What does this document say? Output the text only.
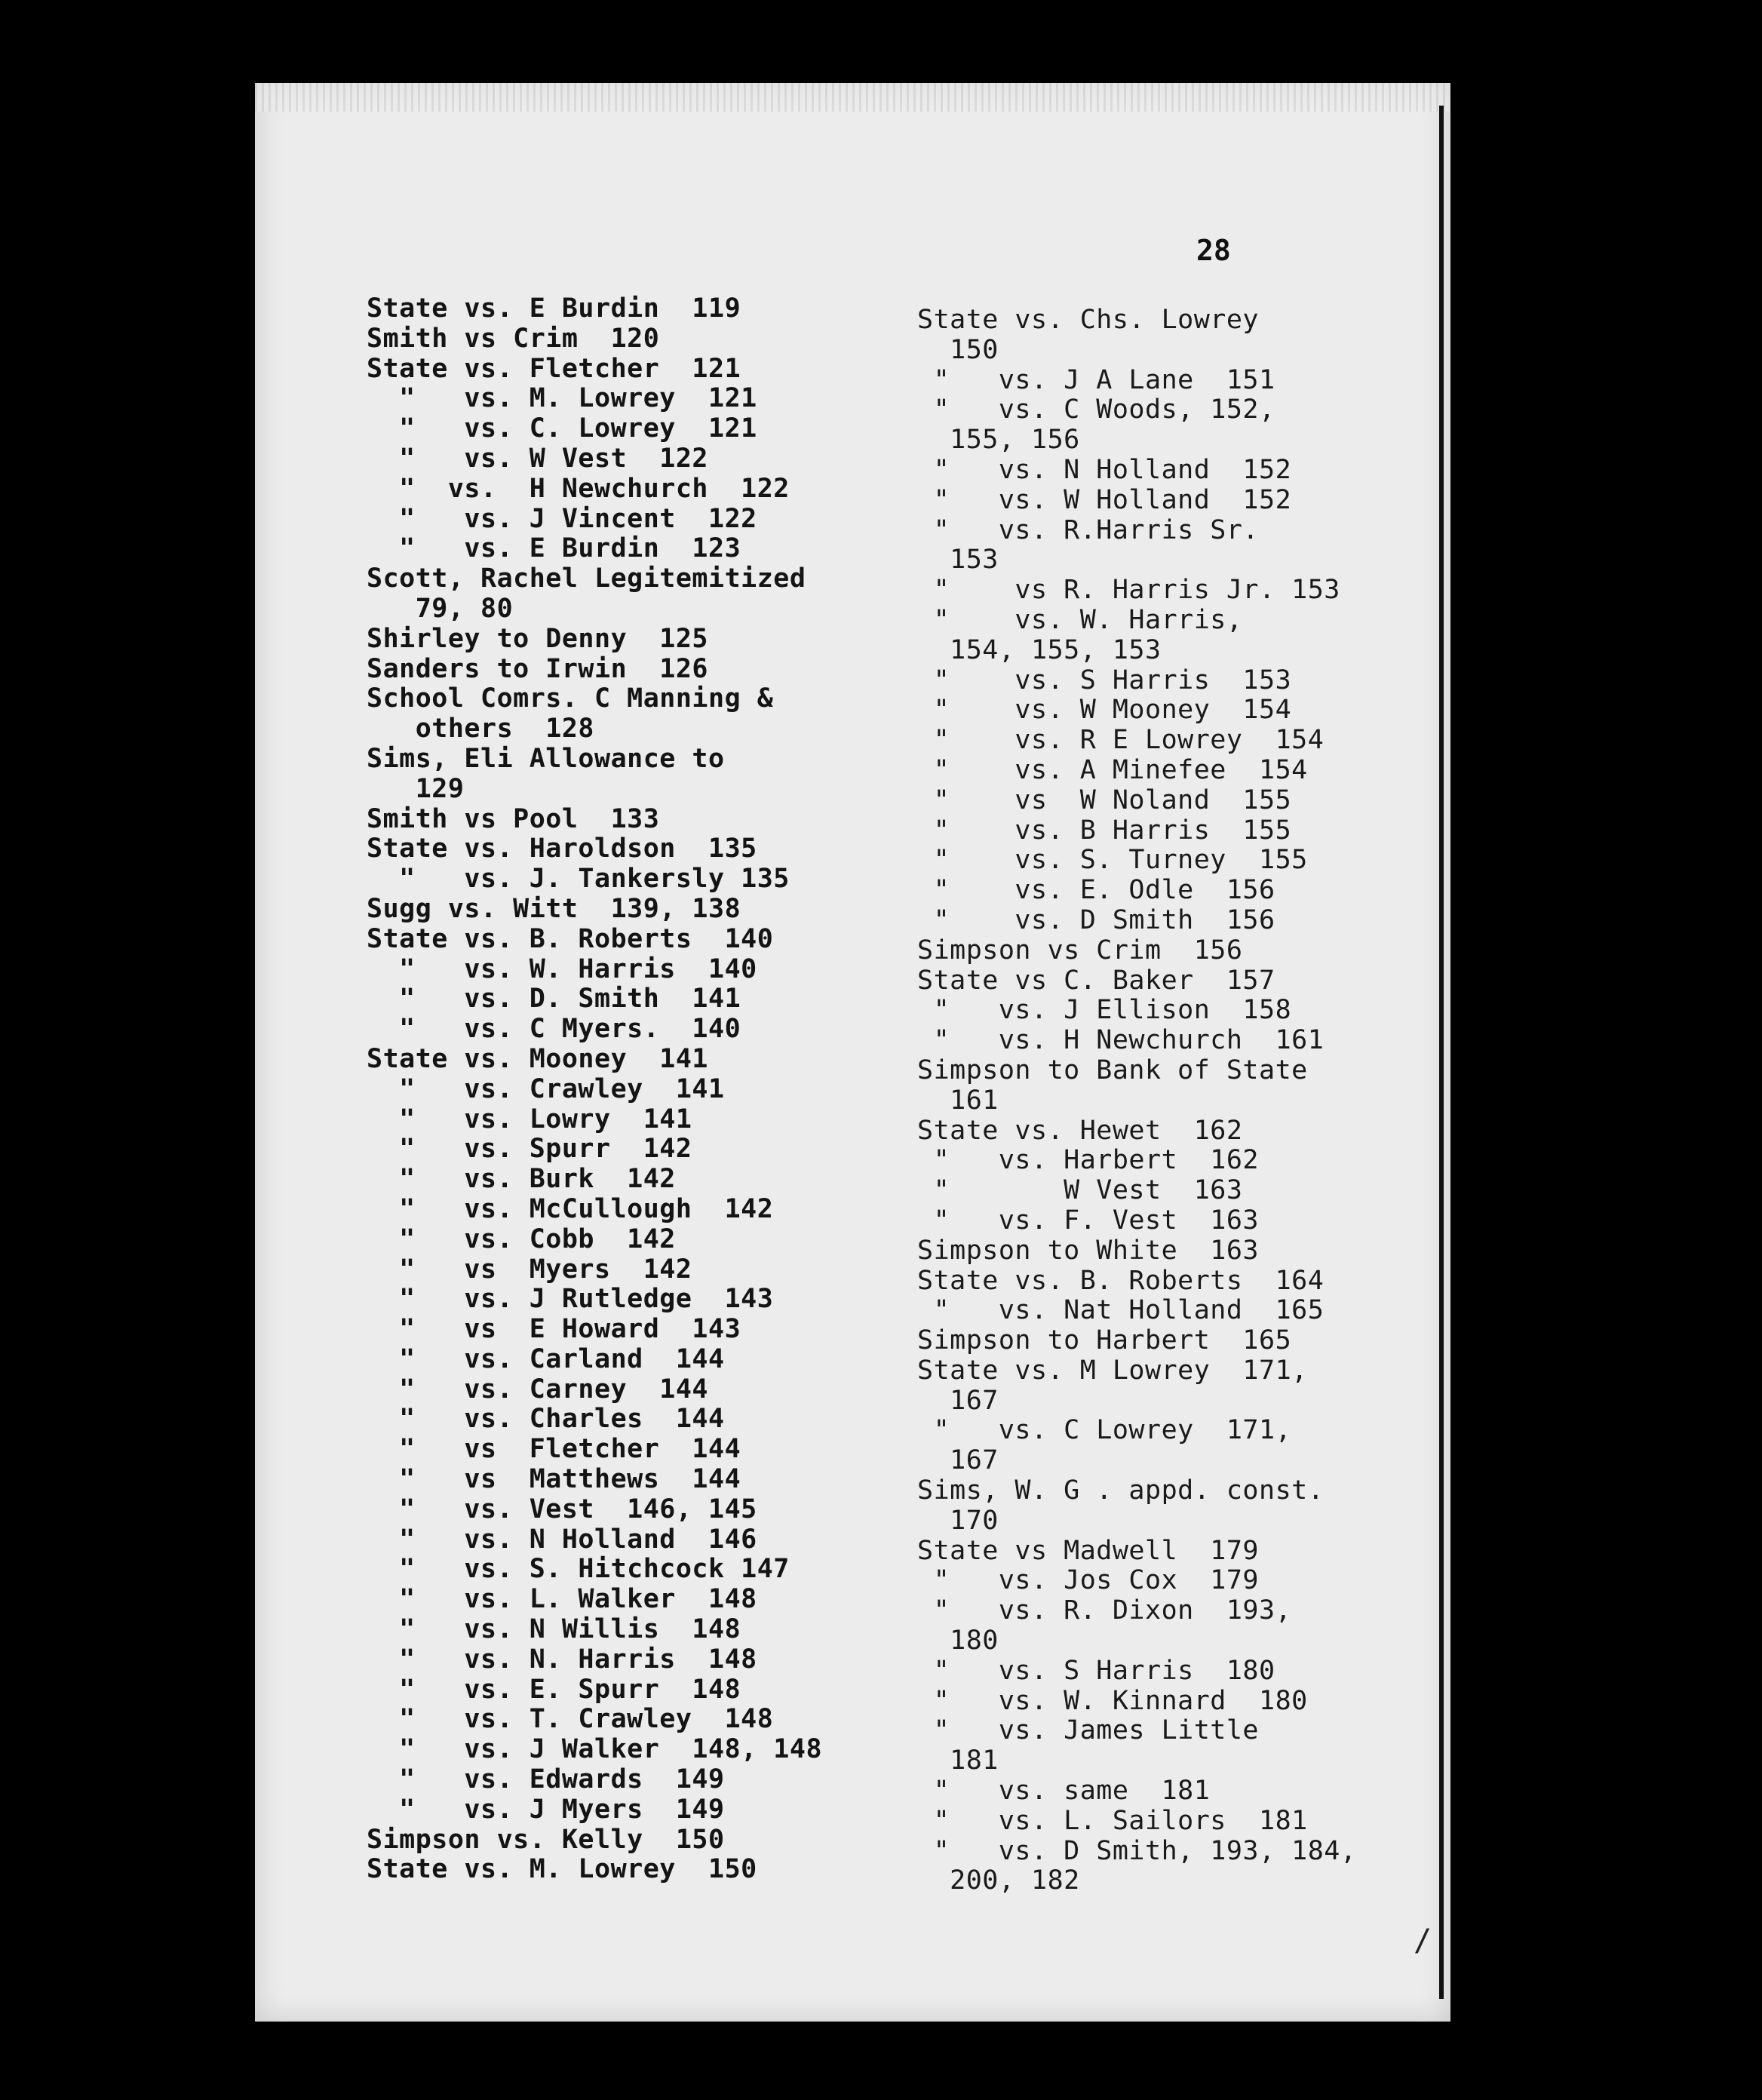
28
State vs. E Burdin  119
Smith vs Crim  120
State vs. Fletcher  121
"   vs. M. Lowrey  121
"   vs. C. Lowrey  121
"   vs. W Vest  122
"  vs.  H Newchurch  122
"   vs. J Vincent  122
"   vs. E Burdin  123
Scott, Rachel Legitemitized
79, 80
Shirley to Denny  125
Sanders to Irwin  126
School Comrs. C Manning &
others  128
Sims, Eli Allowance to
129
Smith vs Pool  133
State vs. Haroldson  135
"   vs. J. Tankersly 135
Sugg vs. Witt  139, 138
State vs. B. Roberts  140
"   vs. W. Harris  140
"   vs. D. Smith  141
"   vs. C Myers.  140
State vs. Mooney  141
"   vs. Crawley  141
"   vs. Lowry  141
"   vs. Spurr  142
"   vs. Burk  142
"   vs. McCullough  142
"   vs. Cobb  142
"   vs  Myers  142
"   vs. J Rutledge  143
"   vs  E Howard  143
"   vs. Carland  144
"   vs. Carney  144
"   vs. Charles  144
"   vs  Fletcher  144
"   vs  Matthews  144
"   vs. Vest  146, 145
"   vs. N Holland  146
"   vs. S. Hitchcock 147
"   vs. L. Walker  148
"   vs. N Willis  148
"   vs. N. Harris  148
"   vs. E. Spurr  148
"   vs. T. Crawley  148
"   vs. J Walker  148, 148
"   vs. Edwards  149
"   vs. J Myers  149
Simpson vs. Kelly  150
State vs. M. Lowrey  150
State vs. Chs. Lowrey
150
"   vs. J A Lane  151
"   vs. C Woods, 152,
155, 156
"   vs. N Holland  152
"   vs. W Holland  152
"   vs. R.Harris Sr.
153
"    vs R. Harris Jr. 153
"    vs. W. Harris,
154, 155, 153
"    vs. S Harris  153
"    vs. W Mooney  154
"    vs. R E Lowrey  154
"    vs. A Minefee  154
"    vs  W Noland  155
"    vs. B Harris  155
"    vs. S. Turney  155
"    vs. E. Odle  156
"    vs. D Smith  156
Simpson vs Crim  156
State vs C. Baker  157
"   vs. J Ellison  158
"   vs. H Newchurch  161
Simpson to Bank of State
161
State vs. Hewet  162
"   vs. Harbert  162
"       W Vest  163
"   vs. F. Vest  163
Simpson to White  163
State vs. B. Roberts  164
"   vs. Nat Holland  165
Simpson to Harbert  165
State vs. M Lowrey  171,
167
"   vs. C Lowrey  171,
167
Sims, W. G . appd. const.
170
State vs Madwell  179
"   vs. Jos Cox  179
"   vs. R. Dixon  193,
180
"   vs. S Harris  180
"   vs. W. Kinnard  180
"   vs. James Little
181
"   vs. same  181
"   vs. L. Sailors  181
"   vs. D Smith, 193, 184,
200, 182
/
